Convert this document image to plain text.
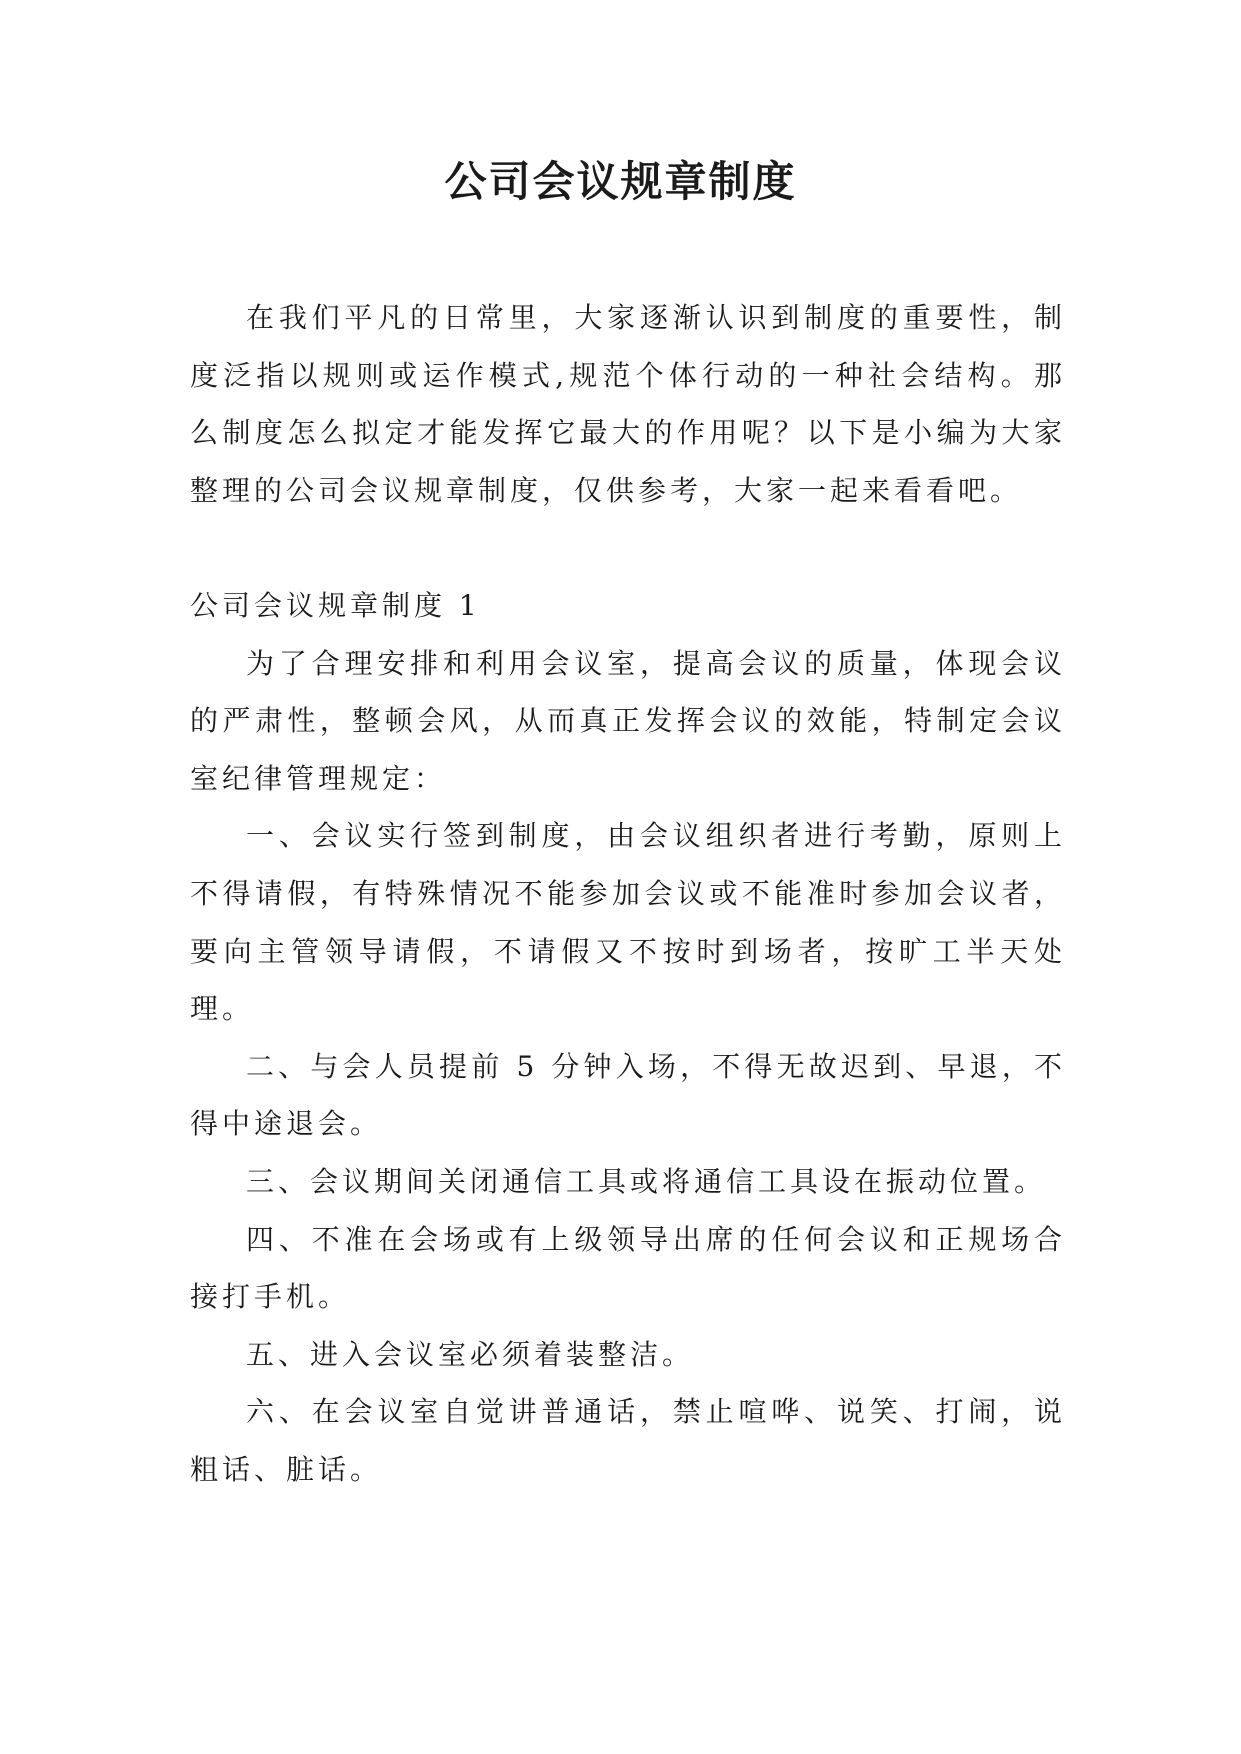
公司会议规章制度

在我们平凡的日常里，大家逐渐认识到制度的重要性，制度泛指以规则或运作模式,规范个体行动的一种社会结构。那么制度怎么拟定才能发挥它最大的作用呢？以下是小编为大家整理的公司会议规章制度，仅供参考，大家一起来看看吧。

公司会议规章制度 1

为了合理安排和利用会议室，提高会议的质量，体现会议的严肃性，整顿会风，从而真正发挥会议的效能，特制定会议室纪律管理规定：

一、会议实行签到制度，由会议组织者进行考勤，原则上不得请假，有特殊情况不能参加会议或不能准时参加会议者，要向主管领导请假，不请假又不按时到场者，按旷工半天处理。

二、与会人员提前 5 分钟入场，不得无故迟到、早退，不得中途退会。

三、会议期间关闭通信工具或将通信工具设在振动位置。

四、不准在会场或有上级领导出席的任何会议和正规场合接打手机。

五、进入会议室必须着装整洁。

六、在会议室自觉讲普通话，禁止喧哗、说笑、打闹，说粗话、脏话。
